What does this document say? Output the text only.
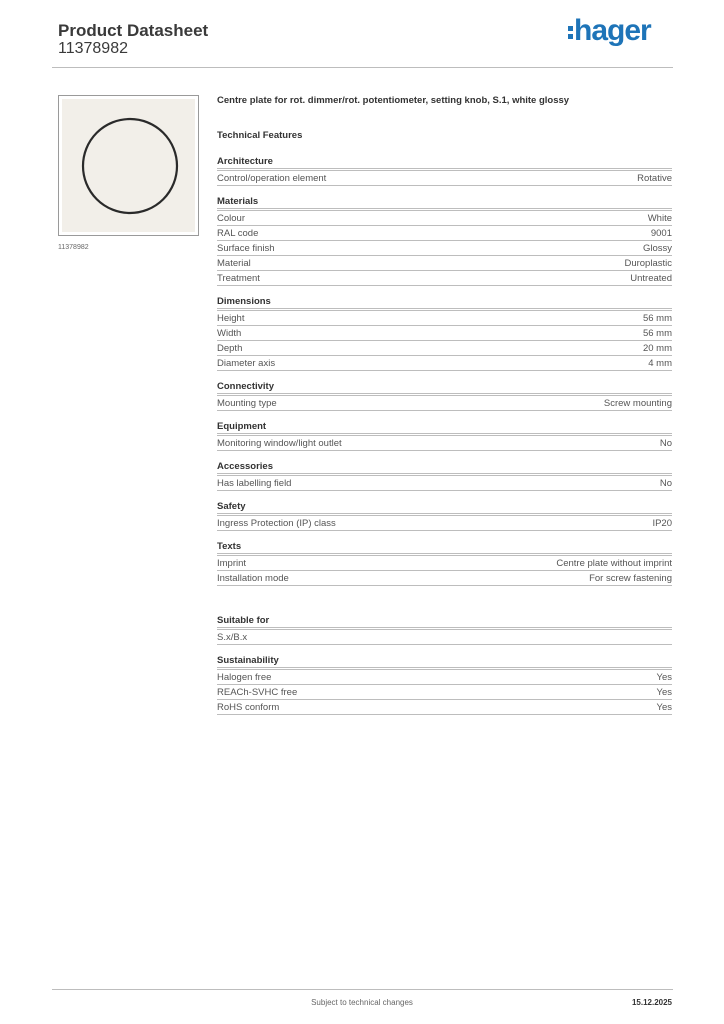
Product Datasheet
11378982
hager
11378982
Centre plate for rot. dimmer/rot. potentiometer, setting knob, S.1, white glossy
Technical Features
Architecture
Control/operation element	Rotative
Materials
Colour	White
RAL code	9001
Surface finish	Glossy
Material	Duroplastic
Treatment	Untreated
Dimensions
Height	56 mm
Width	56 mm
Depth	20 mm
Diameter axis	4 mm
Connectivity
Mounting type	Screw mounting
Equipment
Monitoring window/light outlet	No
Accessories
Has labelling field	No
Safety
Ingress Protection (IP) class	IP20
Texts
Imprint	Centre plate without imprint
Installation mode	For screw fastening
Suitable for
S.x/B.x
Sustainability
Halogen free	Yes
REACh-SVHC free	Yes
RoHS conform	Yes
Subject to technical changes	15.12.2025
